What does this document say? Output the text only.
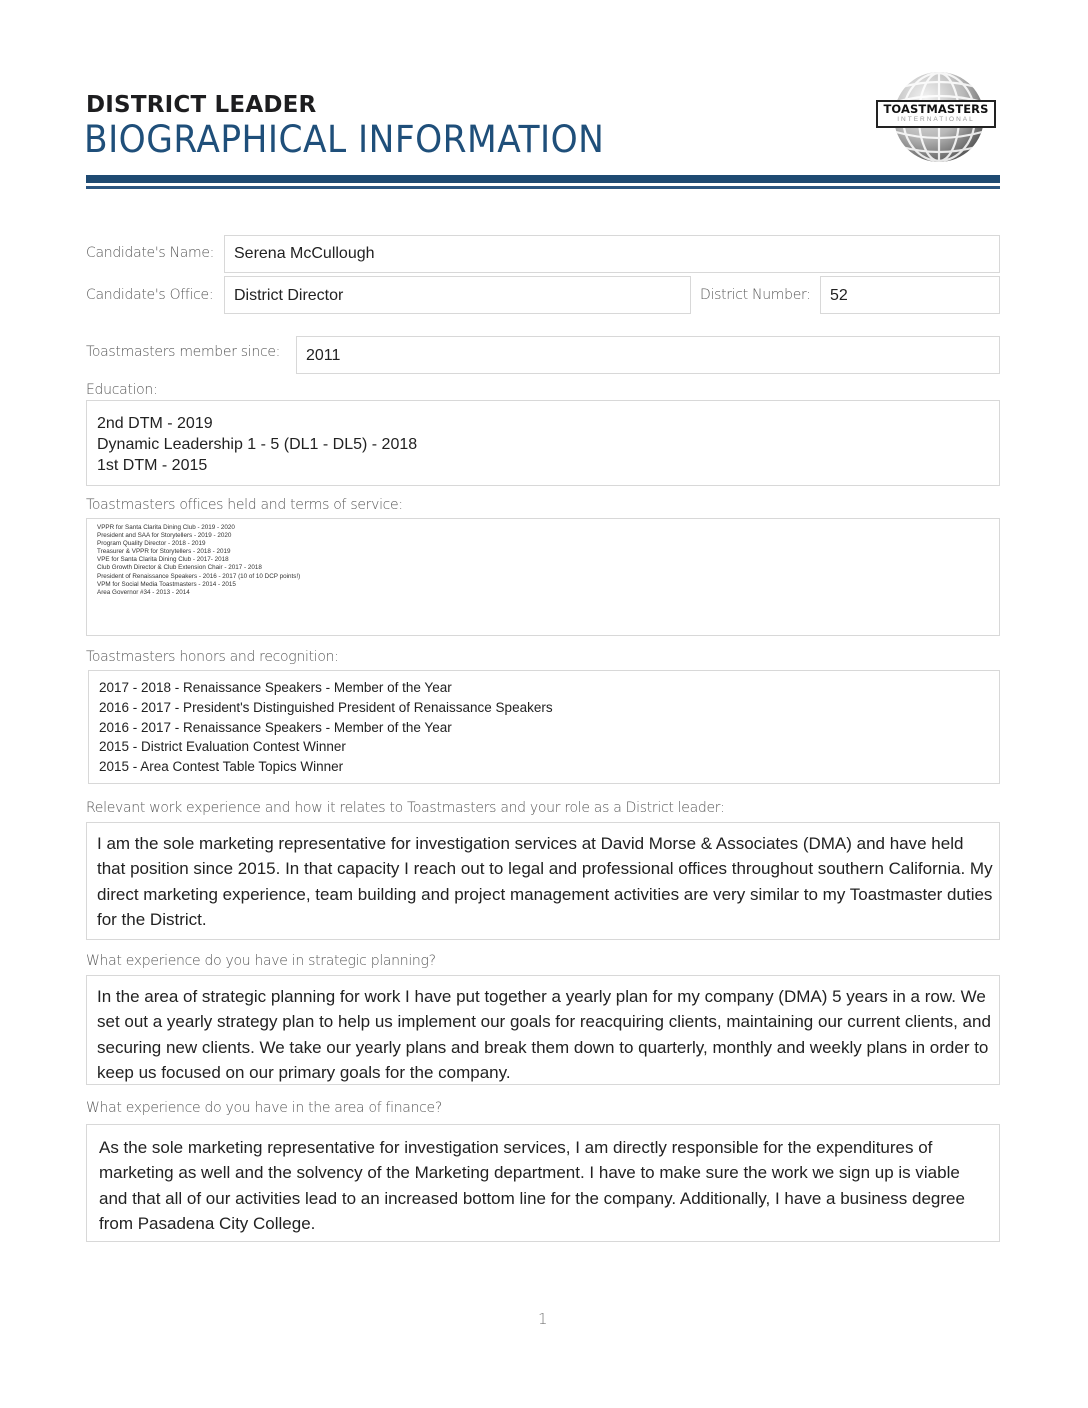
DISTRICT LEADER
BIOGRAPHICAL INFORMATION
TOASTMASTERS
INTERNATIONAL
Candidate's Name: Serena McCullough
Candidate's Office: District Director	District Number: 52
Toastmasters member since: 2011
Education:
2nd DTM - 2019
Dynamic Leadership 1 - 5 (DL1 - DL5) - 2018
1st DTM - 2015
Toastmasters offices held and terms of service:
VPPR for Santa Clarita Dining Club - 2019 - 2020
President and SAA for Storytellers - 2019 - 2020
Program Quality Director - 2018 - 2019
Treasurer & VPPR for Storytellers - 2018 - 2019
VPE for Santa Clarita Dining Club - 2017- 2018
Club Growth Director & Club Extension Chair - 2017 - 2018
President of Renaissance Speakers - 2016 - 2017 (10 of 10 DCP points!)
VPM for Social Media Toastmasters - 2014 - 2015
Area Governor #34 - 2013 - 2014
Toastmasters honors and recognition:
2017 - 2018 - Renaissance Speakers - Member of the Year
2016 - 2017 - President's Distinguished President of Renaissance Speakers
2016 - 2017 - Renaissance Speakers - Member of the Year
2015 - District Evaluation Contest Winner
2015 - Area Contest Table Topics Winner
Relevant work experience and how it relates to Toastmasters and your role as a District leader:

I am the sole marketing representative for investigation services at David Morse & Associates (DMA) and have held that position since 2015. In that capacity I reach out to legal and professional offices throughout southern California. My direct marketing experience, team building and project management activities are very similar to my Toastmaster duties for the District.

What experience do you have in strategic planning?

In the area of strategic planning for work I have put together a yearly plan for my company (DMA) 5 years in a row. We set out a yearly strategy plan to help us implement our goals for reacquiring clients, maintaining our current clients, and securing new clients. We take our yearly plans and break them down to quarterly, monthly and weekly plans in order to keep us focused on our primary goals for the company.

What experience do you have in the area of finance?

As the sole marketing representative for investigation services, I am directly responsible for the expenditures of marketing as well and the solvency of the Marketing department. I have to make sure the work we sign up is viable and that all of our activities lead to an increased bottom line for the company. Additionally, I have a business degree from Pasadena City College.

1
